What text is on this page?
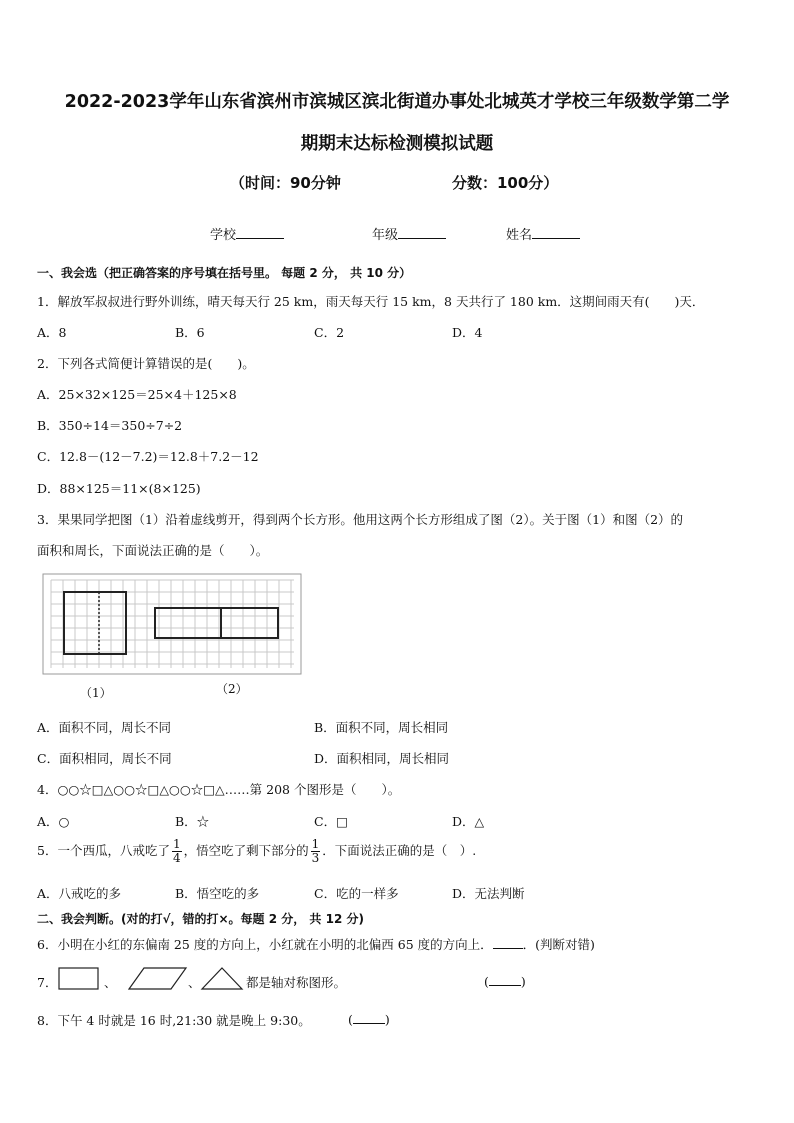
2022-2023学年山东省滨州市滨城区滨北街道办事处北城英才学校三年级数学第二学
期期末达标检测模拟试题
（时间：90分钟	分数：100分）
学校	年级	姓名
一、我会选（把正确答案的序号填在括号里。 每题 2 分， 共 10 分）
1．解放军叔叔进行野外训练，晴天每天行 25 km，雨天每天行 15 km，8 天共行了 180 km．这期间雨天有(　　)天．
A．8	B．6	C．2	D．4
2．下列各式简便计算错误的是(　　)。
A．25×32×125＝25×4＋125×8
B．350÷14＝350÷7÷2
C．12.8－(12－7.2)＝12.8＋7.2－12
D．88×125＝11×(8×125)
3．果果同学把图（1）沿着虚线剪开，得到两个长方形。他用这两个长方形组成了图（2）。关于图（1）和图（2）的
面积和周长，下面说法正确的是（　　）。
（1）	（2）
A．面积不同，周长不同	B．面积不同，周长相同
C．面积相同，周长不同	D．面积相同，周长相同
4．○○☆□△○○☆□△○○☆□△……第 208 个图形是（　　）。
A．○	B．☆	C．□	D．△
5．一个西瓜，八戒吃了 $\frac{1}{4}$ ，悟空吃了剩下部分的 $\frac{1}{3}$ ．下面说法正确的是（　）.
A．八戒吃的多	B．悟空吃的多	C．吃的一样多	D．无法判断
二、我会判断。(对的打√，错的打×。每题 2 分， 共 12 分)
6．小明在小红的东偏南 25 度的方向上，小红就在小明的北偏西 65 度的方向上． ．(判断对错)
7．	、	、	都是轴对称图形。	(	)
8．下午 4 时就是 16 时,21:30 就是晚上 9:30。	(	)
